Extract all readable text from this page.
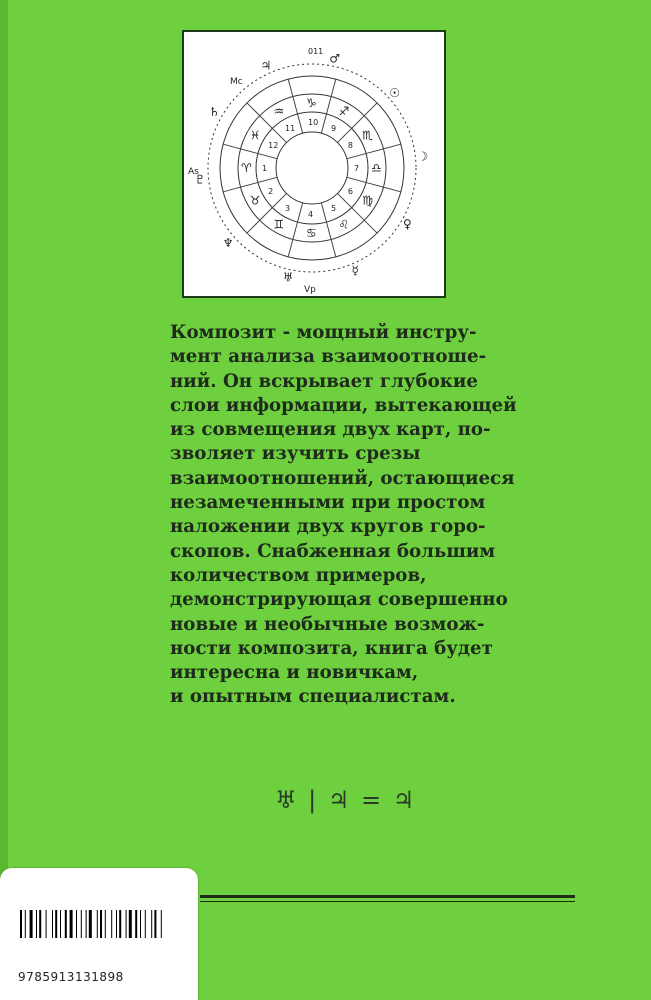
10
9
8
7
6
5
4
3
2
1
12
11
♑
♐
♏
♎
♍
♌
♋
♊
♉
♈
♓
♒
♄
♃
♂
☉
☽
♀
☿
♅
♆
♇
011
Mc
As
Vp
Композит - мощный инстру-
мент анализа взаимоотноше-
ний. Он вскрывает глубокие
слои информации, вытекающей
из совмещения двух карт, по-
зволяет изучить срезы
взаимоотношений, остающиеся
незамеченными при простом
наложении двух кругов горо-
скопов. Снабженная большим
количеством примеров,
демонстрирующая совершенно
новые и необычные возмож-
ности композита, книга будет
интересна и новичкам,
и опытным специалистам.
♅ | ♃ = ♃
9785913131898
